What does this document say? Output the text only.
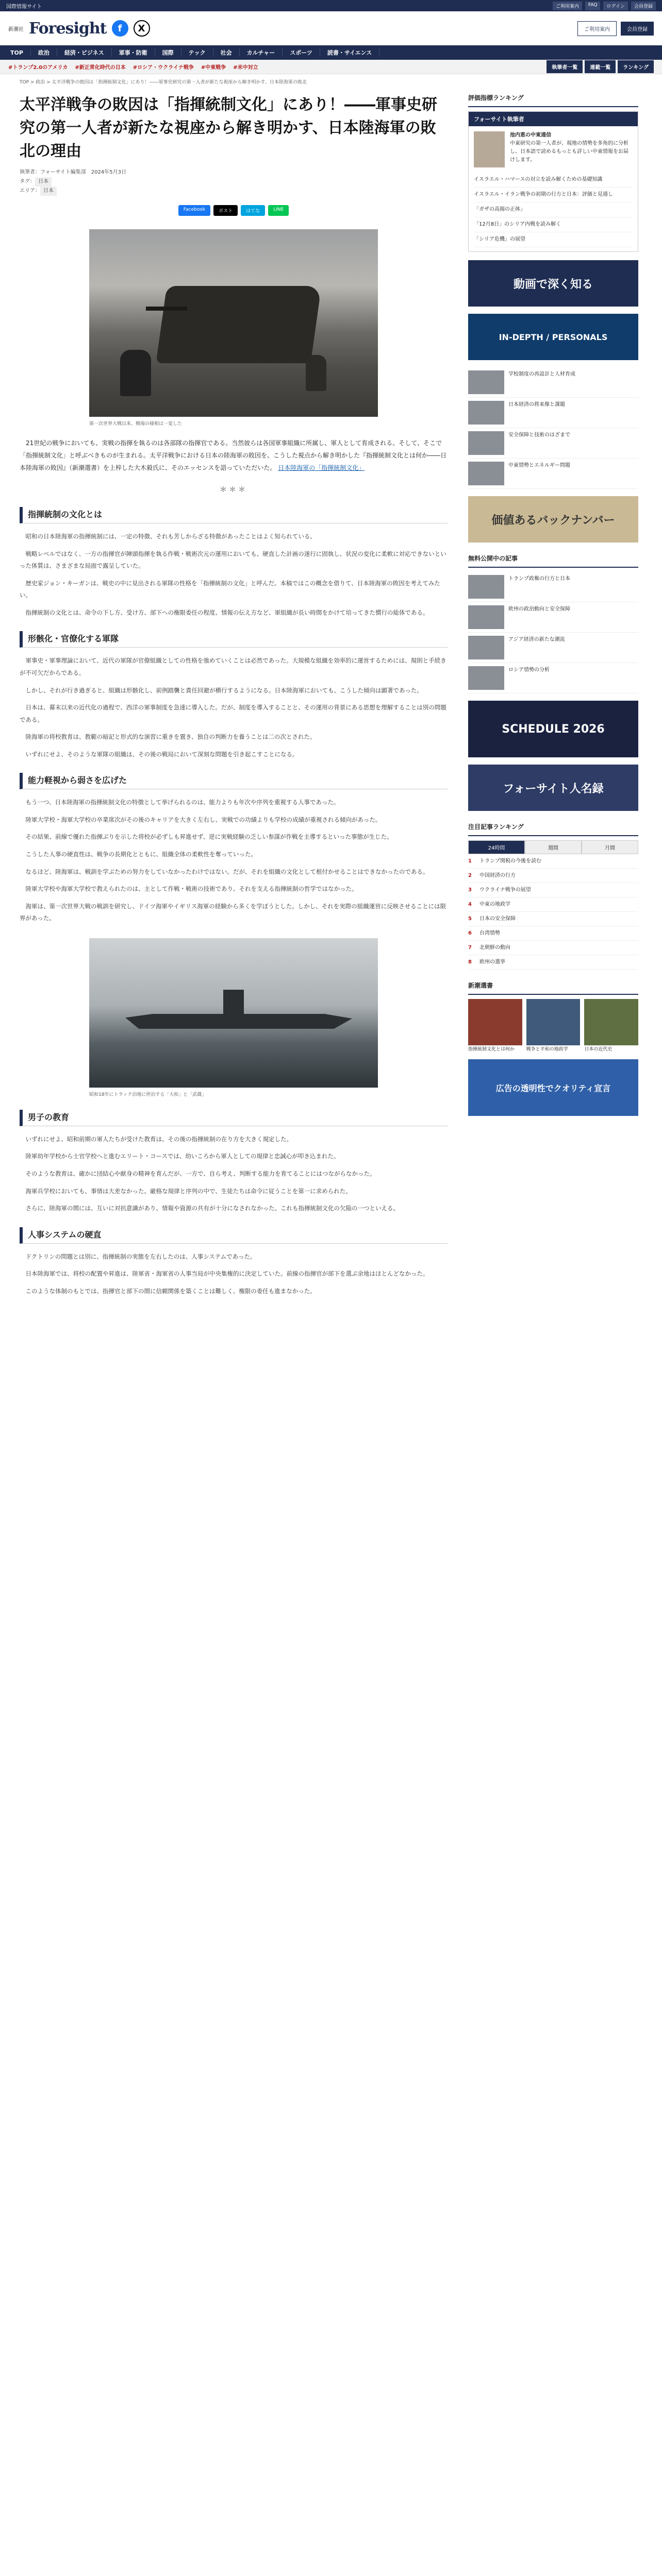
国際情報サイト	ご利用案内	FAQ	ログイン	会員登録
新潮社 Foresight	f	X	ご利用案内	会員登録
TOP	政治	経済・ビジネス	軍事・防衛	国際	テック	社会	カルチャー	スポーツ	読書・サイエンス
#トランプ2.0のアメリカ #新正常化時代の日本 #ロシア・ウクライナ戦争 #中東戦争 #米中対立	執筆者一覧	連載一覧	ランキング
TOP > 政治 > 太平洋戦争の敗因は「指揮統制文化」にあり！――軍事史研究の第一人者が新たな視座から解き明かす、日本陸海軍の敗北
太平洋戦争の敗因は「指揮統制文化」にあり！――軍事史研究の第一人者が新たな視座から解き明かす、日本陸海軍の敗北の理由
執筆者：フォーサイト編集部　2024年5月3日
タグ： 日本
エリア： 日本
Facebook	ポスト	はてな	LINE
第一次世界大戦以来、戦場の様相は一変した

21世紀の戦争においても、実戦の指揮を執るのは各部隊の指揮官である。当然彼らは各国軍事組織に所属し、軍人として育成される。そして、そこで「指揮統制文化」と呼ぶべきものが生まれる。太平洋戦争における日本の陸海軍の敗因を、こうした視点から解き明かした『指揮統制文化とは何か――日本陸海軍の敗因』（新潮選書）を上梓した大木毅氏に、そのエッセンスを語っていただいた。 日本陸海軍の「指揮統制文化」

＊＊＊
指揮統制の文化とは

昭和の日本陸海軍の指揮統制には、一定の特徴、それも芳しからざる特徴があったことはよく知られている。

戦略レベルではなく、一方の指揮官が陣頭指揮を執る作戦・戦術次元の運用においても、硬直した計画の遂行に固執し、状況の変化に柔軟に対応できないといった体質は、さまざまな局面で露呈していた。

歴史家ジョン・キーガンは、戦史の中に見出される軍隊の性格を「指揮統制の文化」と呼んだ。本稿ではこの概念を借りて、日本陸海軍の敗因を考えてみたい。

指揮統制の文化とは、命令の下し方、受け方、部下への権限委任の程度、情報の伝え方など、軍組織が長い時間をかけて培ってきた慣行の総体である。

形骸化・官僚化する軍隊

軍事史・軍事理論において、近代の軍隊が官僚組織としての性格を強めていくことは必然であった。大規模な組織を効率的に運営するためには、規則と手続きが不可欠だからである。

しかし、それが行き過ぎると、組織は形骸化し、前例踏襲と責任回避が横行するようになる。日本陸海軍においても、こうした傾向は顕著であった。

日本は、幕末以来の近代化の過程で、西洋の軍事制度を急速に導入した。だが、制度を導入することと、その運用の背景にある思想を理解することは別の問題である。

陸海軍の将校教育は、教範の暗記と形式的な演習に重きを置き、独自の判断力を養うことは二の次とされた。

いずれにせよ、そのような軍隊の組織は、その後の戦局において深刻な問題を引き起こすことになる。

能力軽視から弱さを広げた

もう一つ、日本陸海軍の指揮統制文化の特徴として挙げられるのは、能力よりも年次や序列を重視する人事であった。

陸軍大学校・海軍大学校の卒業席次がその後のキャリアを大きく左右し、実戦での功績よりも学校の成績が重視される傾向があった。

その結果、前線で優れた指揮ぶりを示した将校が必ずしも昇進せず、逆に実戦経験の乏しい参謀が作戦を主導するといった事態が生じた。

こうした人事の硬直性は、戦争の長期化とともに、組織全体の柔軟性を奪っていった。

なるほど、陸海軍は、戦訓を学ぶための努力をしていなかったわけではない。だが、それを組織の文化として根付かせることはできなかったのである。

陸軍大学校や海軍大学校で教えられたのは、主として作戦・戦術の技術であり、それを支える指揮統制の哲学ではなかった。

海軍は、第一次世界大戦の戦訓を研究し、ドイツ海軍やイギリス海軍の経験から多くを学ぼうとした。しかし、それを実際の組織運営に反映させることには限界があった。

昭和18年にトラック泊地に停泊する「大和」と「武蔵」
男子の教育

いずれにせよ、昭和前期の軍人たちが受けた教育は、その後の指揮統制の在り方を大きく規定した。

陸軍幼年学校から士官学校へと進むエリート・コースでは、幼いころから軍人としての規律と忠誠心が叩き込まれた。

そのような教育は、確かに団結心や献身の精神を育んだが、一方で、自ら考え、判断する能力を育てることにはつながらなかった。

海軍兵学校においても、事情は大差なかった。厳格な規律と序列の中で、生徒たちは命令に従うことを第一に求められた。

さらに、陸海軍の間には、互いに対抗意識があり、情報や資源の共有が十分になされなかった。これも指揮統制文化の欠陥の一つといえる。

人事システムの硬直

ドクトリンの問題とは別に、指揮統制の実態を左右したのは、人事システムであった。

日本陸海軍では、将校の配置や昇進は、陸軍省・海軍省の人事当局が中央集権的に決定していた。前線の指揮官が部下を選ぶ余地はほとんどなかった。

このような体制のもとでは、指揮官と部下の間に信頼関係を築くことは難しく、権限の委任も進まなかった。

評価指標ランキング
フォーサイト執筆者
池内恵の中東通信
中東研究の第一人者が、現地の情勢を多角的に分析し、日本語で読めるもっとも詳しい中東情報をお届けします。
イスラエル・ハマースの対立を読み解くための基礎知識
イスラエル・イラン戦争の初期の行方と日本：評価と見通し
「ガザの高揚の正体」
「12月8日」のシリア内戦を読み解く
「シリア危機」の展望
動画で深く知る
IN-DEPTH / PERSONALS
学校制度の再設計と人材育成
日本経済の将来像と課題
安全保障と技術のはざまで
中東情勢とエネルギー問題
価値あるバックナンバー
無料公開中の記事
トランプ政権の行方と日本
欧州の政治動向と安全保障
アジア経済の新たな潮流
ロシア情勢の分析
SCHEDULE 2026
フォーサイト人名録
注目記事ランキング
24時間	週間	月間
1	トランプ関税の今後を読む
2	中国経済の行方
3	ウクライナ戦争の展望
4	中東の地政学
5	日本の安全保障
6	台湾情勢
7	北朝鮮の動向
8	欧州の選挙
新潮選書
指揮統制文化とは何か	戦争と平和の地政学	日本の近代史
広告の透明性でクオリティ宣言
